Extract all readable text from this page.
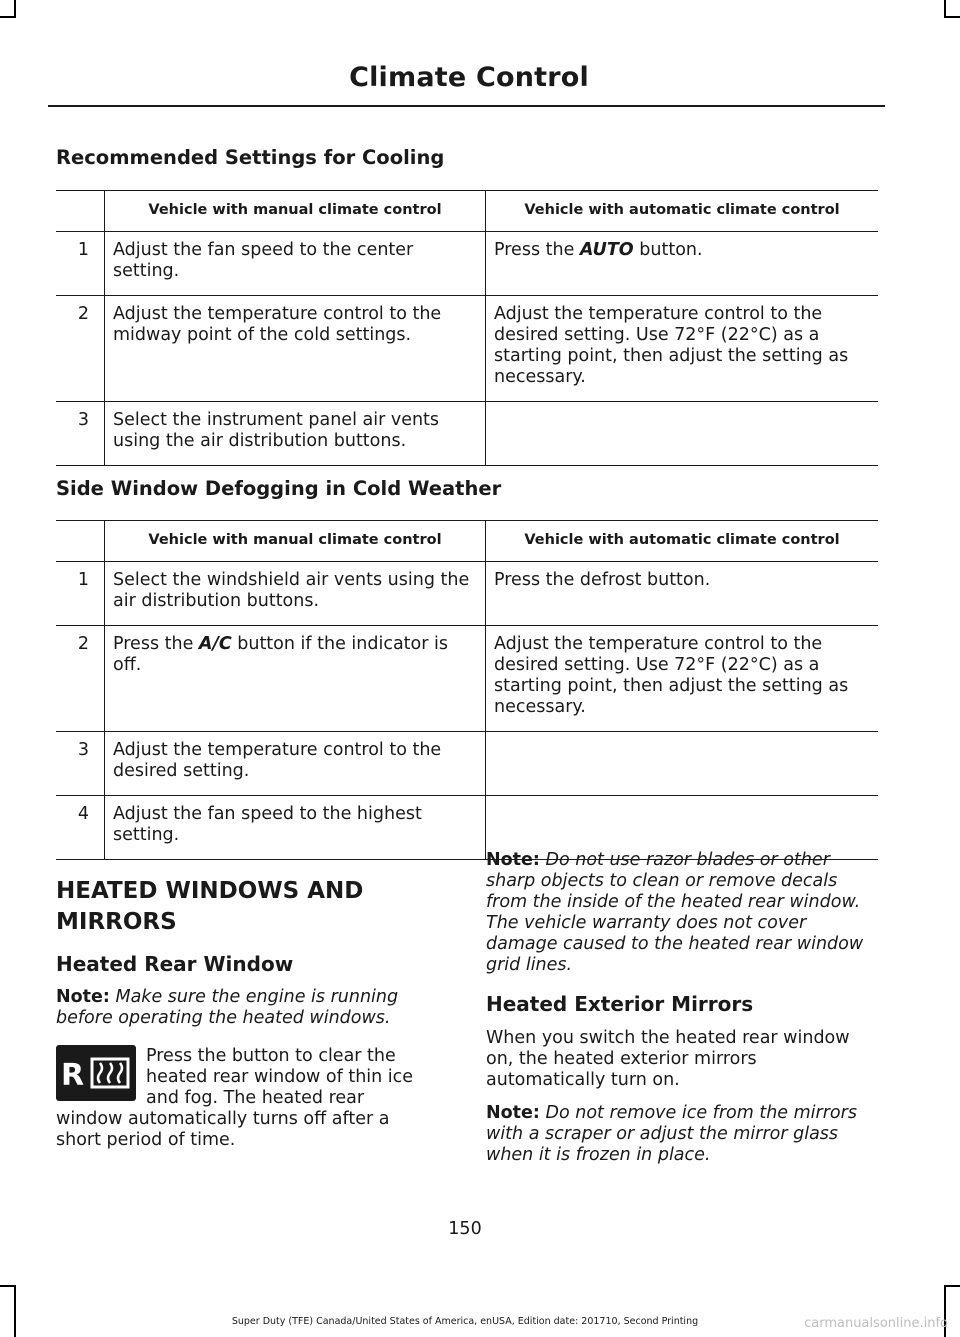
Climate Control
Recommended Settings for Cooling
	Vehicle with manual climate control	Vehicle with automatic climate control
1	Adjust the fan speed to the center setting.	Press the AUTO button.
2	Adjust the temperature control to the midway point of the cold settings.	Adjust the temperature control to the desired setting. Use 72°F (22°C) as a starting point, then adjust the setting as necessary.
3	Select the instrument panel air vents using the air distribution buttons.	
Side Window Defogging in Cold Weather
	Vehicle with manual climate control	Vehicle with automatic climate control
1	Select the windshield air vents using the air distribution buttons.	Press the defrost button.
2	Press the A/C button if the indicator is off.	Adjust the temperature control to the desired setting. Use 72°F (22°C) as a starting point, then adjust the setting as necessary.
3	Adjust the temperature control to the desired setting.	
4	Adjust the fan speed to the highest setting.	

HEATED WINDOWS AND

MIRRORS

Heated Rear Window

Note: Make sure the engine is running before operating the heated windows.

R

Press the button to clear the heated rear window of thin ice and fog. The heated rear window automatically turns off after a short period of time.

Note: Do not use razor blades or other sharp objects to clean or remove decals from the inside of the heated rear window. The vehicle warranty does not cover damage caused to the heated rear window grid lines.

Heated Exterior Mirrors

When you switch the heated rear window on, the heated exterior mirrors automatically turn on.

Note: Do not remove ice from the mirrors with a scraper or adjust the mirror glass when it is frozen in place.

150
Super Duty (TFE) Canada/United States of America, enUSA, Edition date: 201710, Second Printing	carmanualsonline.info
